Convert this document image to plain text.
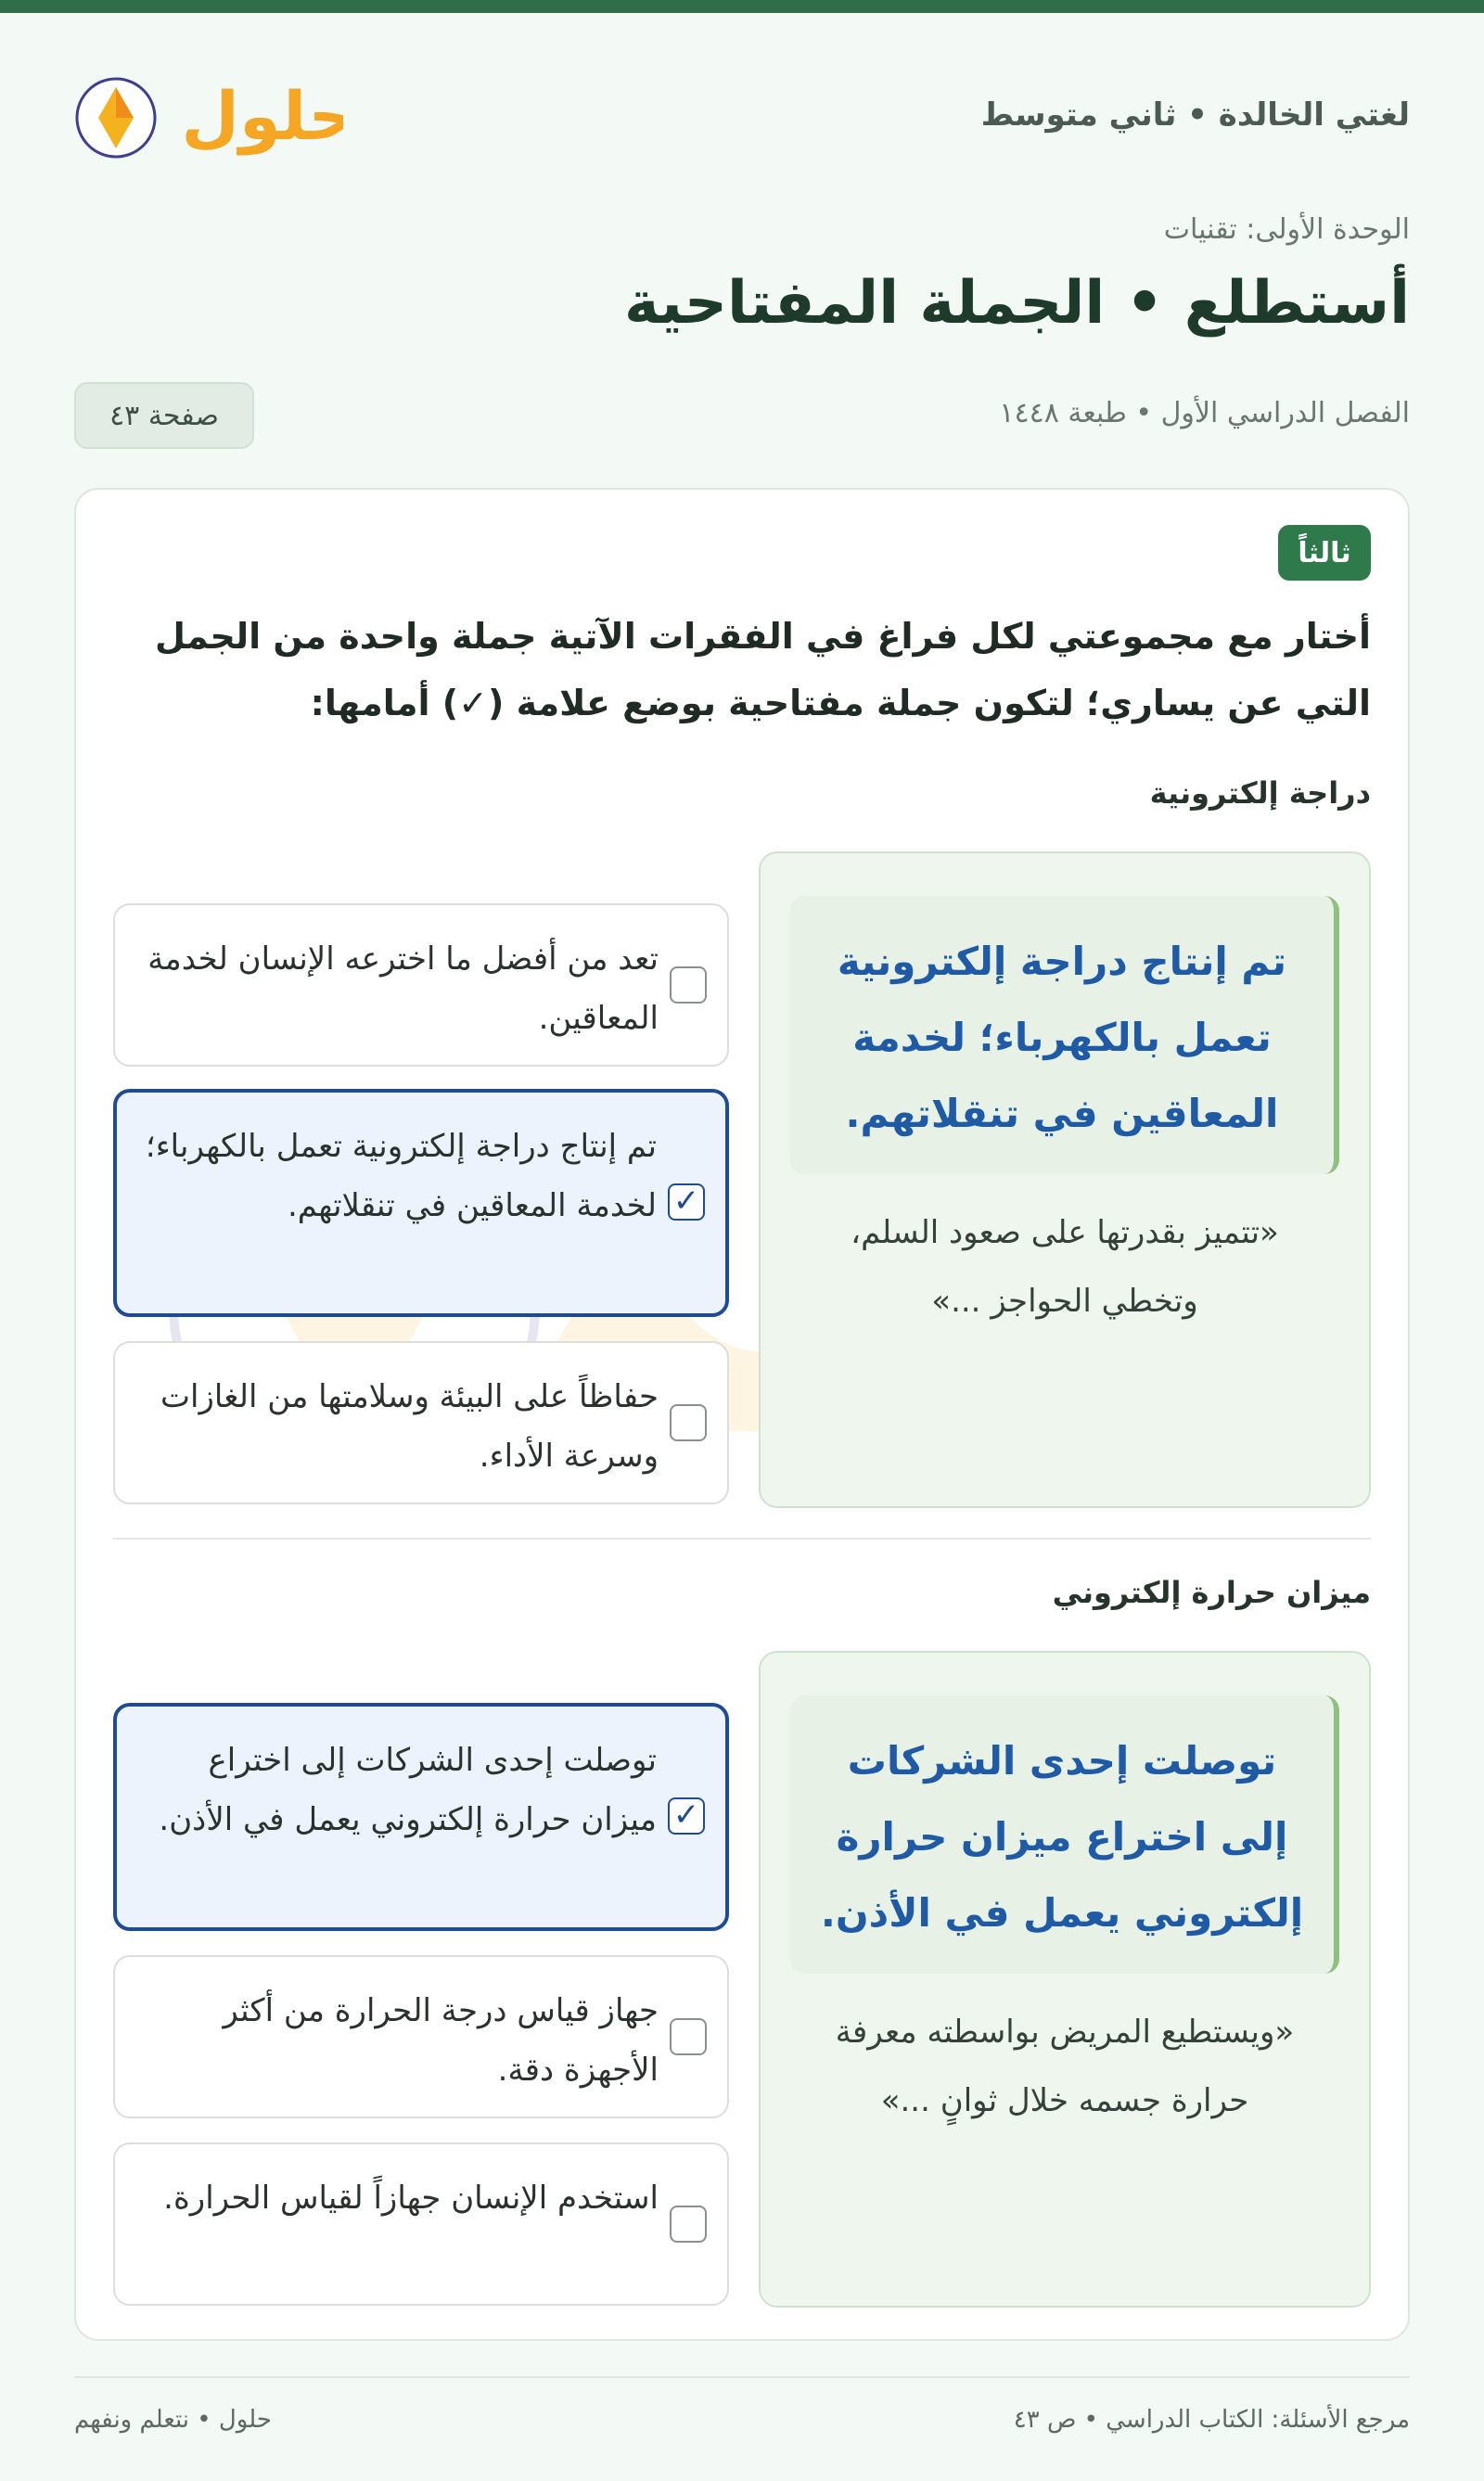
حلول	لغتي الخالدة • ثاني متوسط
الوحدة الأولى: تقنيات
أستطلع • الجملة المفتاحية
الفصل الدراسي الأول • طبعة ١٤٤٨
صفحة ٤٣
ثالثاً
أختار مع مجموعتي لكل فراغ في الفقرات الآتية جملة واحدة من الجمل التي عن يساري؛ لتكون جملة مفتاحية بوضع علامة (✓) أمامها:
دراجة إلكترونية
تم إنتاج دراجة إلكترونية تعمل بالكهرباء؛ لخدمة المعاقين في تنقلاتهم.
«تتميز بقدرتها على صعود السلم، وتخطي الحواجز ...»
تعد من أفضل ما اخترعه الإنسان لخدمة المعاقين.
✓
تم إنتاج دراجة إلكترونية تعمل بالكهرباء؛ لخدمة المعاقين في تنقلاتهم.
حفاظاً على البيئة وسلامتها من الغازات وسرعة الأداء.
ميزان حرارة إلكتروني
توصلت إحدى الشركات إلى اختراع ميزان حرارة إلكتروني يعمل في الأذن.
«ويستطيع المريض بواسطته معرفة حرارة جسمه خلال ثوانٍ ...»
✓
توصلت إحدى الشركات إلى اختراع ميزان حرارة إلكتروني يعمل في الأذن.
جهاز قياس درجة الحرارة من أكثر الأجهزة دقة.
استخدم الإنسان جهازاً لقياس الحرارة.
مرجع الأسئلة: الكتاب الدراسي • ص ٤٣
حلول • نتعلم ونفهم
